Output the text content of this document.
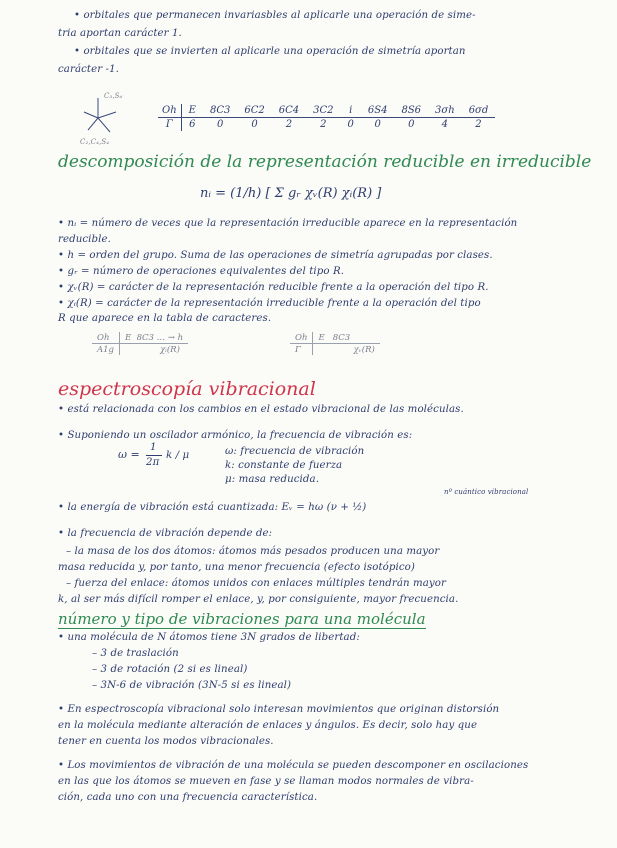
• orbitales que permanecen invariasbles al aplicarle una operación de sime-
tria aportan carácter 1.
• orbitales que se invierten al aplicarle una operación de simetría aportan
carácter -1.
C₃,S₆
C₂,C₄,S₄
Oh	E	8C3	6C2	6C4	3C2	i	6S4	8S6	3σh	6σd
Γ	6	0	0	2	2	0	0	0	4	2
descomposición de la representación reducible en irreducible
nᵢ = (1/h) [ Σ gᵣ χᵥ(R) χᵢ(R) ]
• nᵢ = número de veces que la representación irreducible aparece en la representación
reducible.
• h = orden del grupo. Suma de las operaciones de simetría agrupadas por clases.
• gᵣ = número de operaciones equivalentes del tipo R.
• χᵥ(R) = carácter de la representación reducible frente a la operación del tipo R.
• χᵢ(R) = carácter de la representación irreducible frente a la operación del tipo
R que aparece en la tabla de caracteres.
Oh	E 8C3 … → h
A1g	χᵢ(R)
Oh	E 8C3
Γ	χᵥ(R)
espectroscopía vibracional
• está relacionada con los cambios en el estado vibracional de las moléculas.
• Suponiendo un oscilador armónico, la frecuencia de vibración es:
ω =
1
2π
k / μ	ω: frecuencia de vibración
k: constante de fuerza
μ: masa reducida.
nº cuántico vibracional
• la energía de vibración está cuantizada: Eᵥ = hω (ν + ½)
• la frecuencia de vibración depende de:
– la masa de los dos átomos: átomos más pesados producen una mayor
masa reducida y, por tanto, una menor frecuencia (efecto isotópico)
– fuerza del enlace: átomos unidos con enlaces múltiples tendrán mayor
k, al ser más difícil romper el enlace, y, por consiguiente, mayor frecuencia.
número y tipo de vibraciones para una molécula
• una molécula de N átomos tiene 3N grados de libertad:
– 3 de traslación
– 3 de rotación (2 si es lineal)
– 3N-6 de vibración (3N-5 si es lineal)
• En espectroscopía vibracional solo interesan movimientos que originan distorsión
en la molécula mediante alteración de enlaces y ángulos. Es decir, solo hay que
tener en cuenta los modos vibracionales.
• Los movimientos de vibración de una molécula se pueden descomponer en oscilaciones
en las que los átomos se mueven en fase y se llaman modos normales de vibra-
ción, cada uno con una frecuencia característica.
